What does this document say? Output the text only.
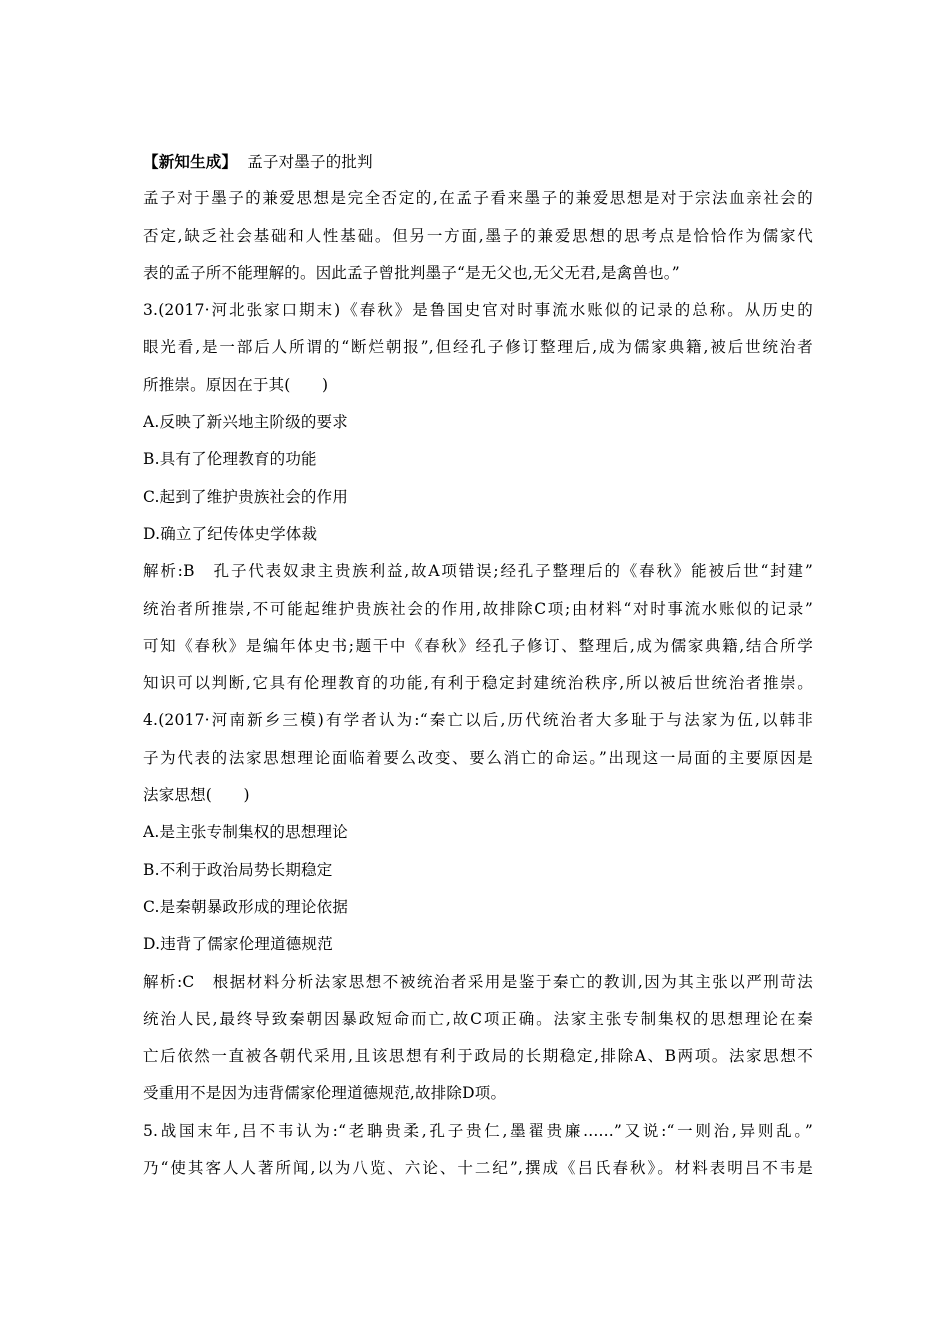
【新知生成】 孟子对墨子的批判
孟子对于墨子的兼爱思想是完全否定的,在孟子看来墨子的兼爱思想是对于宗法血亲社会的
否定,缺乏社会基础和人性基础。但另一方面,墨子的兼爱思想的思考点是恰恰作为儒家代
表的孟子所不能理解的。因此孟子曾批判墨子“是无父也,无父无君,是禽兽也。”
3.(2017·河北张家口期末)《春秋》是鲁国史官对时事流水账似的记录的总称。从历史的
眼光看,是一部后人所谓的“断烂朝报”,但经孔子修订整理后,成为儒家典籍,被后世统治者
所推崇。原因在于其(　　)
A.反映了新兴地主阶级的要求
B.具有了伦理教育的功能
C.起到了维护贵族社会的作用
D.确立了纪传体史学体裁
解析:B　孔子代表奴隶主贵族利益,故A项错误;经孔子整理后的《春秋》能被后世“封建”
统治者所推崇,不可能起维护贵族社会的作用,故排除C项;由材料“对时事流水账似的记录”
可知《春秋》是编年体史书;题干中《春秋》经孔子修订、整理后,成为儒家典籍,结合所学
知识可以判断,它具有伦理教育的功能,有利于稳定封建统治秩序,所以被后世统治者推崇。
4.(2017·河南新乡三模)有学者认为:“秦亡以后,历代统治者大多耻于与法家为伍,以韩非
子为代表的法家思想理论面临着要么改变、要么消亡的命运。”出现这一局面的主要原因是
法家思想(　　)
A.是主张专制集权的思想理论
B.不利于政治局势长期稳定
C.是秦朝暴政形成的理论依据
D.违背了儒家伦理道德规范
解析:C　根据材料分析法家思想不被统治者采用是鉴于秦亡的教训,因为其主张以严刑苛法
统治人民,最终导致秦朝因暴政短命而亡,故C项正确。法家主张专制集权的思想理论在秦
亡后依然一直被各朝代采用,且该思想有利于政局的长期稳定,排除A、B两项。法家思想不
受重用不是因为违背儒家伦理道德规范,故排除D项。
5.战国末年,吕不韦认为:“老聃贵柔,孔子贵仁,墨翟贵廉......”又说:“一则治,异则乱。”
乃“使其客人人著所闻,以为八览、六论、十二纪”,撰成《吕氏春秋》。材料表明吕不韦是
